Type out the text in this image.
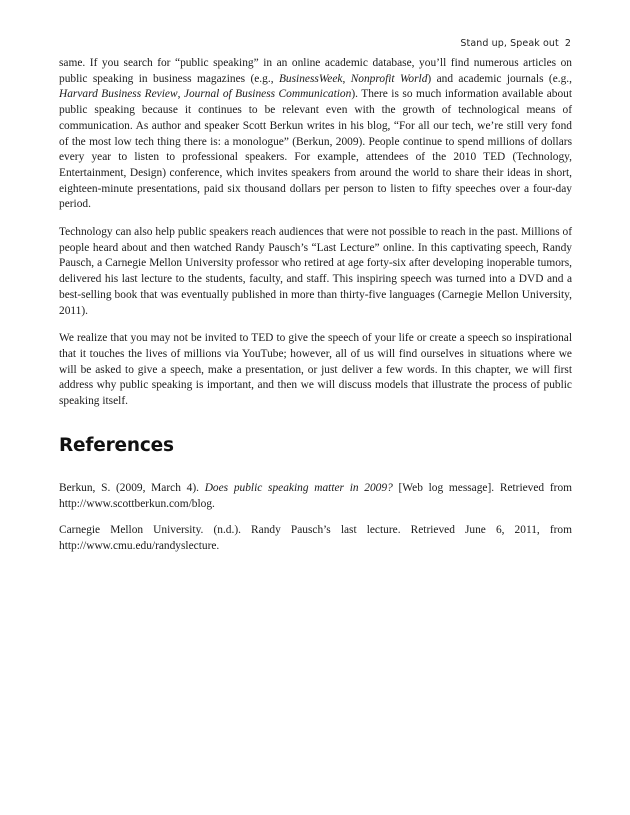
Stand up, Speak out 2

same. If you search for “public speaking” in an online academic database, you’ll find numerous articles on public speaking in business magazines (e.g., BusinessWeek, Nonprofit World) and academic journals (e.g., Harvard Business Review, Journal of Business Communication). There is so much information available about public speaking because it continues to be relevant even with the growth of technological means of communication. As author and speaker Scott Berkun writes in his blog, “For all our tech, we’re still very fond of the most low tech thing there is: a monologue” (Berkun, 2009). People continue to spend millions of dollars every year to listen to professional speakers. For example, attendees of the 2010 TED (Technology, Entertainment, Design) conference, which invites speakers from around the world to share their ideas in short, eighteen-minute presentations, paid six thousand dollars per person to listen to fifty speeches over a four-day period.

Technology can also help public speakers reach audiences that were not possible to reach in the past. Millions of people heard about and then watched Randy Pausch’s “Last Lecture” online. In this captivating speech, Randy Pausch, a Carnegie Mellon University professor who retired at age forty-six after developing inoperable tumors, delivered his last lecture to the students, faculty, and staff. This inspiring speech was turned into a DVD and a best-selling book that was eventually published in more than thirty-five languages (Carnegie Mellon University, 2011).

We realize that you may not be invited to TED to give the speech of your life or create a speech so inspirational that it touches the lives of millions via YouTube; however, all of us will find ourselves in situations where we will be asked to give a speech, make a presentation, or just deliver a few words. In this chapter, we will first address why public speaking is important, and then we will discuss models that illustrate the process of public speaking itself.

References

Berkun, S. (2009, March 4). Does public speaking matter in 2009? [Web log message]. Retrieved from http://www.scottberkun.com/blog.

Carnegie Mellon University. (n.d.). Randy Pausch’s last lecture. Retrieved June 6, 2011, from http://www.cmu.edu/randyslecture.
